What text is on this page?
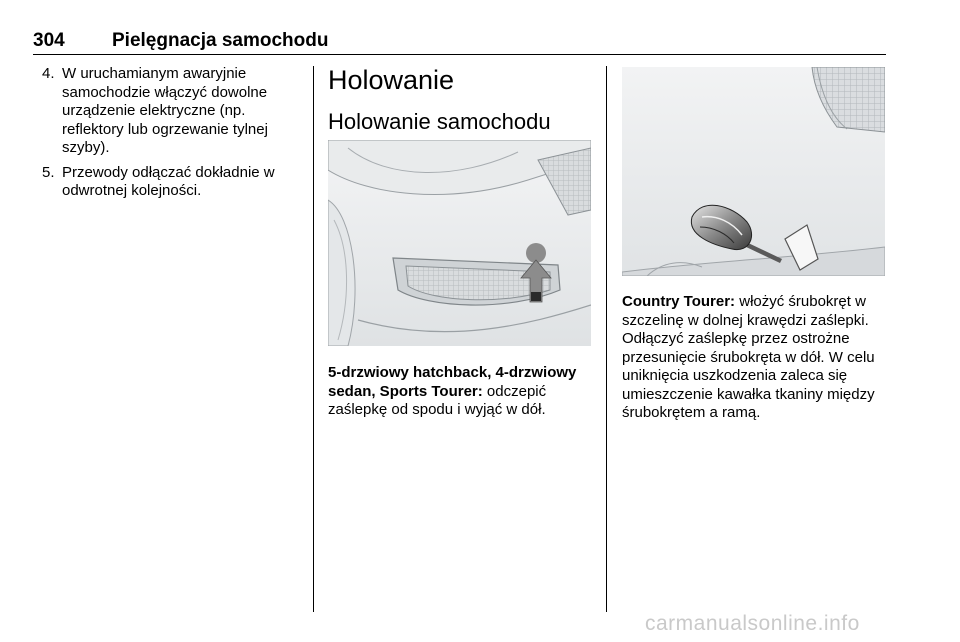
304 Pielęgnacja samochodu
4. W uruchamianym awaryjnie samochodzie włączyć dowolne urządzenie elektryczne (np. reflektory lub ogrzewanie tylnej szyby).
5. Przewody odłączać dokładnie w odwrotnej kolejności.
Holowanie
Holowanie samochodu
5-drzwiowy hatchback, 4-drzwiowy sedan, Sports Tourer: odczepić zaślepkę od spodu i wyjąć w dół.
Country Tourer: włożyć śrubokręt w szczelinę w dolnej krawędzi zaślepki. Odłączyć zaślepkę przez ostrożne przesunięcie śrubokręta w dół. W celu uniknięcia uszkodzenia zaleca się umieszczenie kawałka tkaniny między śrubokrętem a ramą.
carmanualsonline.info
